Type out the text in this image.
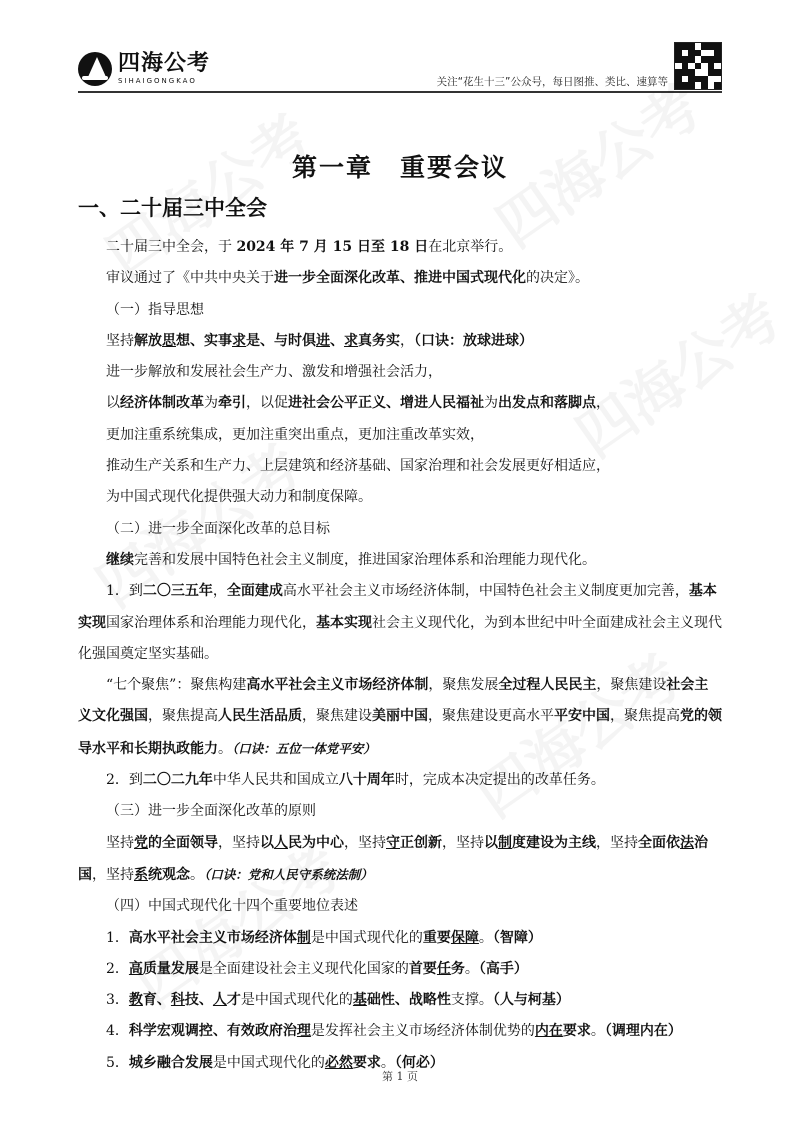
四海公考
SIHAIGONGKAO	关注“花生十三”公众号，每日图推、类比、速算等
第一章　重要会议
一、二十届三中全会

二十届三中全会，于 2024 年 7 月 15 日至 18 日在北京举行。

审议通过了《中共中央关于进一步全面深化改革、推进中国式现代化的决定》。

（一）指导思想

坚持解放思想、实事求是、与时俱进、求真务实，（口诀：放球进球）

进一步解放和发展社会生产力、激发和增强社会活力，

以经济体制改革为牵引，以促进社会公平正义、增进人民福祉为出发点和落脚点，

更加注重系统集成，更加注重突出重点，更加注重改革实效，

推动生产关系和生产力、上层建筑和经济基础、国家治理和社会发展更好相适应，

为中国式现代化提供强大动力和制度保障。

（二）进一步全面深化改革的总目标

继续完善和发展中国特色社会主义制度，推进国家治理体系和治理能力现代化。

1．到二〇三五年，全面建成高水平社会主义市场经济体制，中国特色社会主义制度更加完善，基本实现国家治理体系和治理能力现代化，基本实现社会主义现代化，为到本世纪中叶全面建成社会主义现代化强国奠定坚实基础。

“七个聚焦”：聚焦构建高水平社会主义市场经济体制，聚焦发展全过程人民民主，聚焦建设社会主义文化强国，聚焦提高人民生活品质，聚焦建设美丽中国，聚焦建设更高水平平安中国，聚焦提高党的领导水平和长期执政能力。（口诀：五位一体党平安）

2．到二〇二九年中华人民共和国成立八十周年时，完成本决定提出的改革任务。

（三）进一步全面深化改革的原则

坚持党的全面领导，坚持以人民为中心，坚持守正创新，坚持以制度建设为主线，坚持全面依法治国，坚持系统观念。（口诀：党和人民守系统法制）

（四）中国式现代化十四个重要地位表述

1．高水平社会主义市场经济体制是中国式现代化的重要保障。（智障）

2．高质量发展是全面建设社会主义现代化国家的首要任务。（高手）

3．教育、科技、人才是中国式现代化的基础性、战略性支撑。（人与柯基）

4．科学宏观调控、有效政府治理是发挥社会主义市场经济体制优势的内在要求。（调理内在）

5．城乡融合发展是中国式现代化的必然要求。（何必）

第 1 页
